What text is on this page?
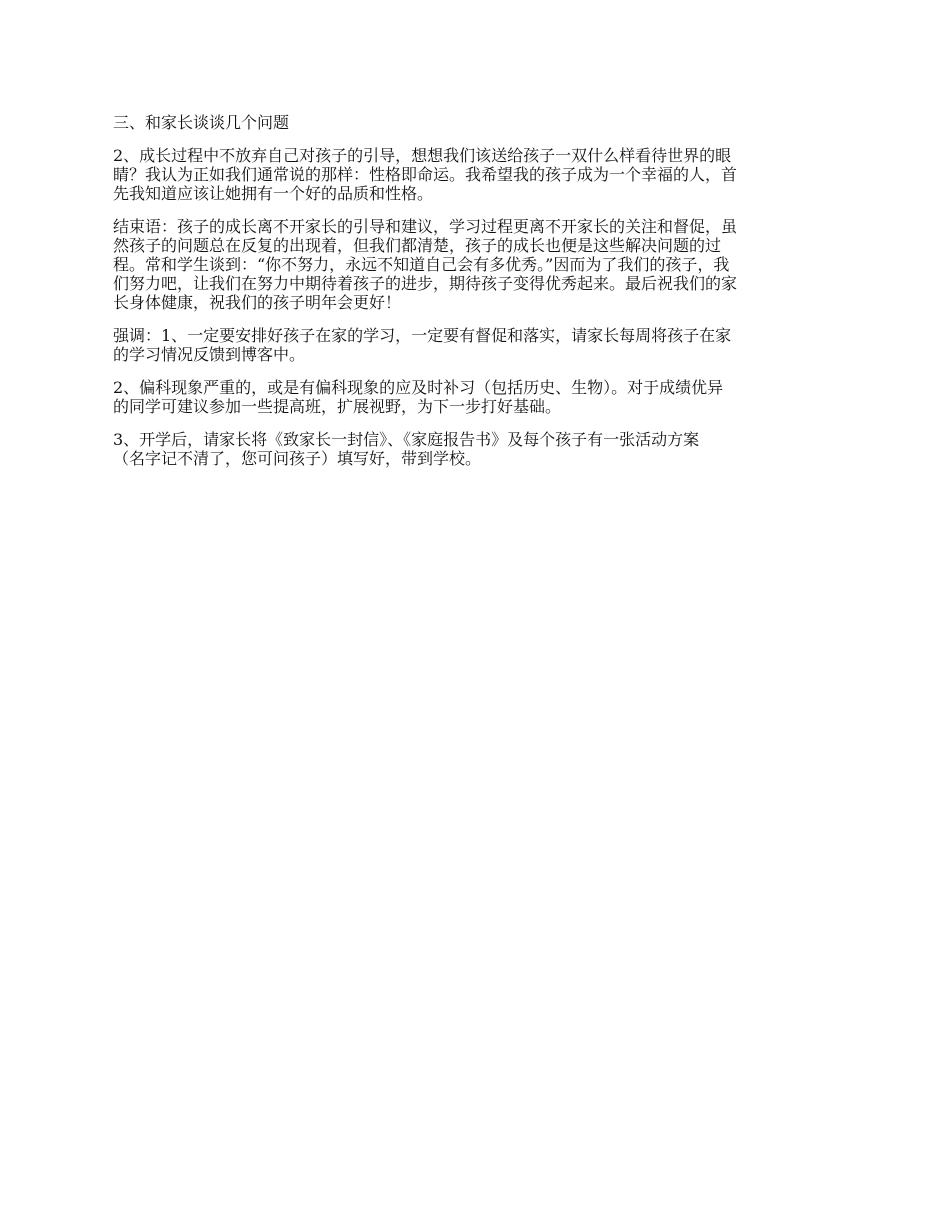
三、和家长谈谈几个问题
2、成长过程中不放弃自己对孩子的引导，想想我们该送给孩子一双什么样看待世界的眼
睛？我认为正如我们通常说的那样：性格即命运。我希望我的孩子成为一个幸福的人，首
先我知道应该让她拥有一个好的品质和性格。
结束语：孩子的成长离不开家长的引导和建议，学习过程更离不开家长的关注和督促，虽
然孩子的问题总在反复的出现着，但我们都清楚，孩子的成长也便是这些解决问题的过
程。常和学生谈到：“你不努力，永远不知道自己会有多优秀。”因而为了我们的孩子，我
们努力吧，让我们在努力中期待着孩子的进步，期待孩子变得优秀起来。最后祝我们的家
长身体健康，祝我们的孩子明年会更好！
强调：1、一定要安排好孩子在家的学习，一定要有督促和落实，请家长每周将孩子在家
的学习情况反馈到博客中。
2、偏科现象严重的，或是有偏科现象的应及时补习（包括历史、生物）。对于成绩优异
的同学可建议参加一些提高班，扩展视野，为下一步打好基础。
3、开学后，请家长将《致家长一封信》、《家庭报告书》及每个孩子有一张活动方案
（名字记不清了，您可问孩子）填写好，带到学校。
